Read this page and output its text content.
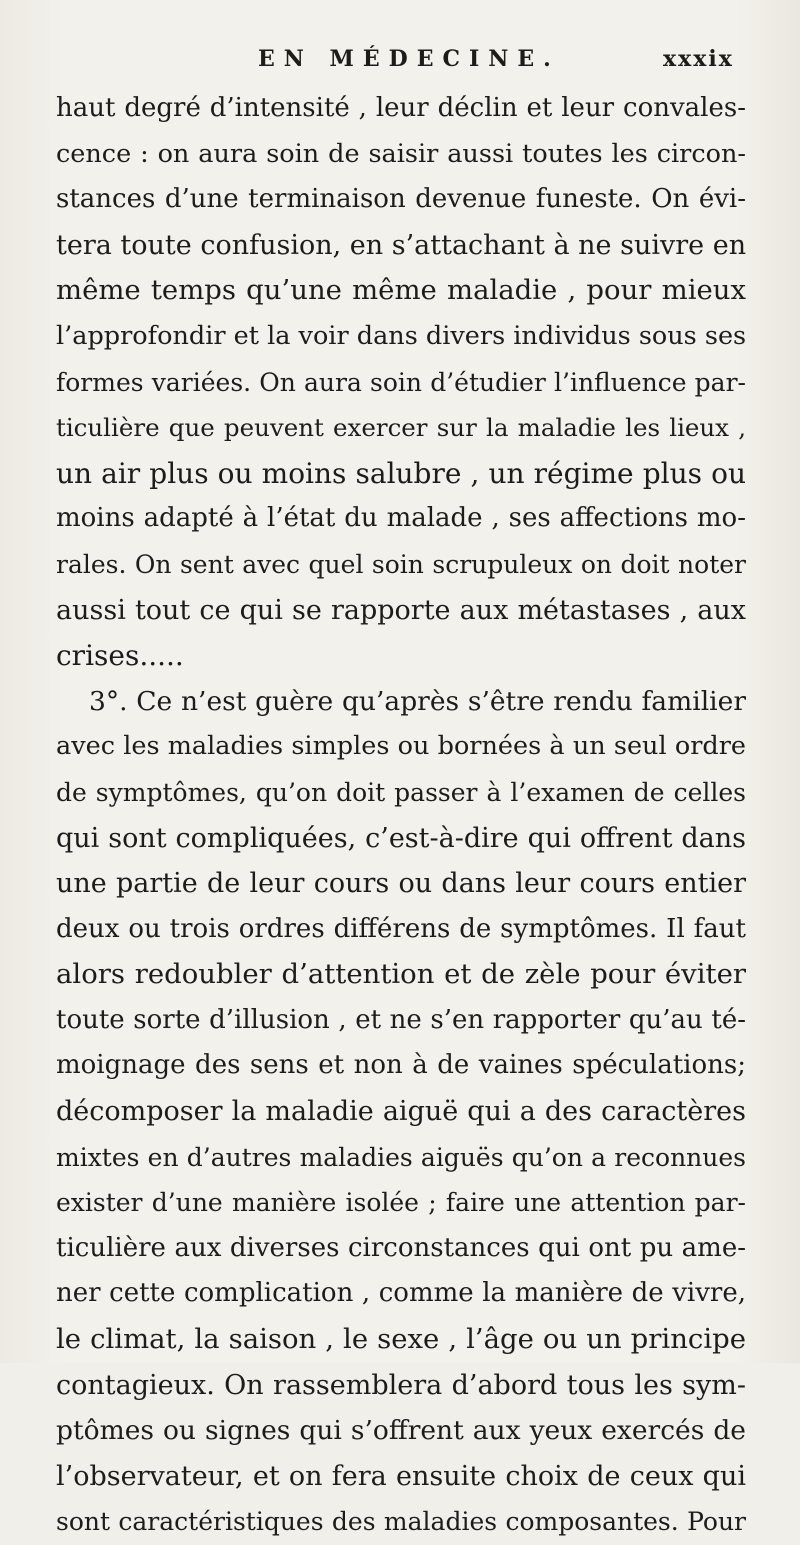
EN MÉDECINE.	xxxix
haut degré d’intensité , leur déclin et leur convales-
cence : on aura soin de saisir aussi toutes les circon-
stances d’une terminaison devenue funeste. On évi-
tera toute confusion, en s’attachant à ne suivre en
même temps qu’une même maladie , pour mieux
l’approfondir et la voir dans divers individus sous ses
formes variées. On aura soin d’étudier l’influence par-
ticulière que peuvent exercer sur la maladie les lieux ,
un air plus ou moins salubre , un régime plus ou
moins adapté à l’état du malade , ses affections mo-
rales. On sent avec quel soin scrupuleux on doit noter
aussi tout ce qui se rapporte aux métastases , aux
crises.....
3°. Ce n’est guère qu’après s’être rendu familier
avec les maladies simples ou bornées à un seul ordre
de symptômes, qu’on doit passer à l’examen de celles
qui sont compliquées, c’est-à-dire qui offrent dans
une partie de leur cours ou dans leur cours entier
deux ou trois ordres différens de symptômes. Il faut
alors redoubler d’attention et de zèle pour éviter
toute sorte d’illusion , et ne s’en rapporter qu’au té-
moignage des sens et non à de vaines spéculations;
décomposer la maladie aiguë qui a des caractères
mixtes en d’autres maladies aiguës qu’on a reconnues
exister d’une manière isolée ; faire une attention par-
ticulière aux diverses circonstances qui ont pu ame-
ner cette complication , comme la manière de vivre,
le climat, la saison , le sexe , l’âge ou un principe
contagieux. On rassemblera d’abord tous les sym-
ptômes ou signes qui s’offrent aux yeux exercés de
l’observateur, et on fera ensuite choix de ceux qui
sont caractéristiques des maladies composantes. Pour
